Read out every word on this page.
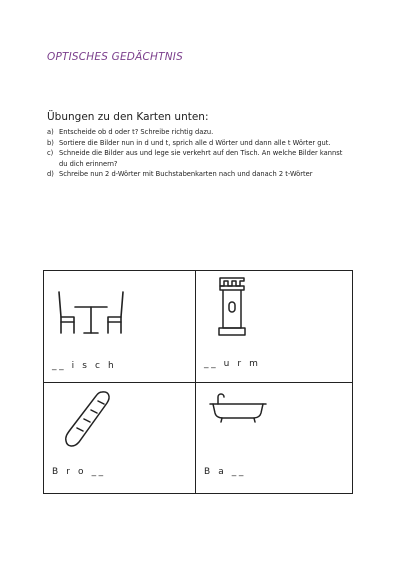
OPTISCHES GEDÄCHTNIS
Übungen zu den Karten unten:
a) Entscheide ob d oder t? Schreibe richtig dazu.
b) Sortiere die Bilder nun in d und t, sprich alle d Wörter und dann alle t Wörter gut.
c) Schneide die Bilder aus und lege sie verkehrt auf den Tisch. An welche Bilder kannst du dich erinnern?
d) Schreibe nun 2 d-Wörter mit Buchstabenkarten nach und danach 2 t-Wörter
__ i s c h	__ u r m
B r o __	B a __
